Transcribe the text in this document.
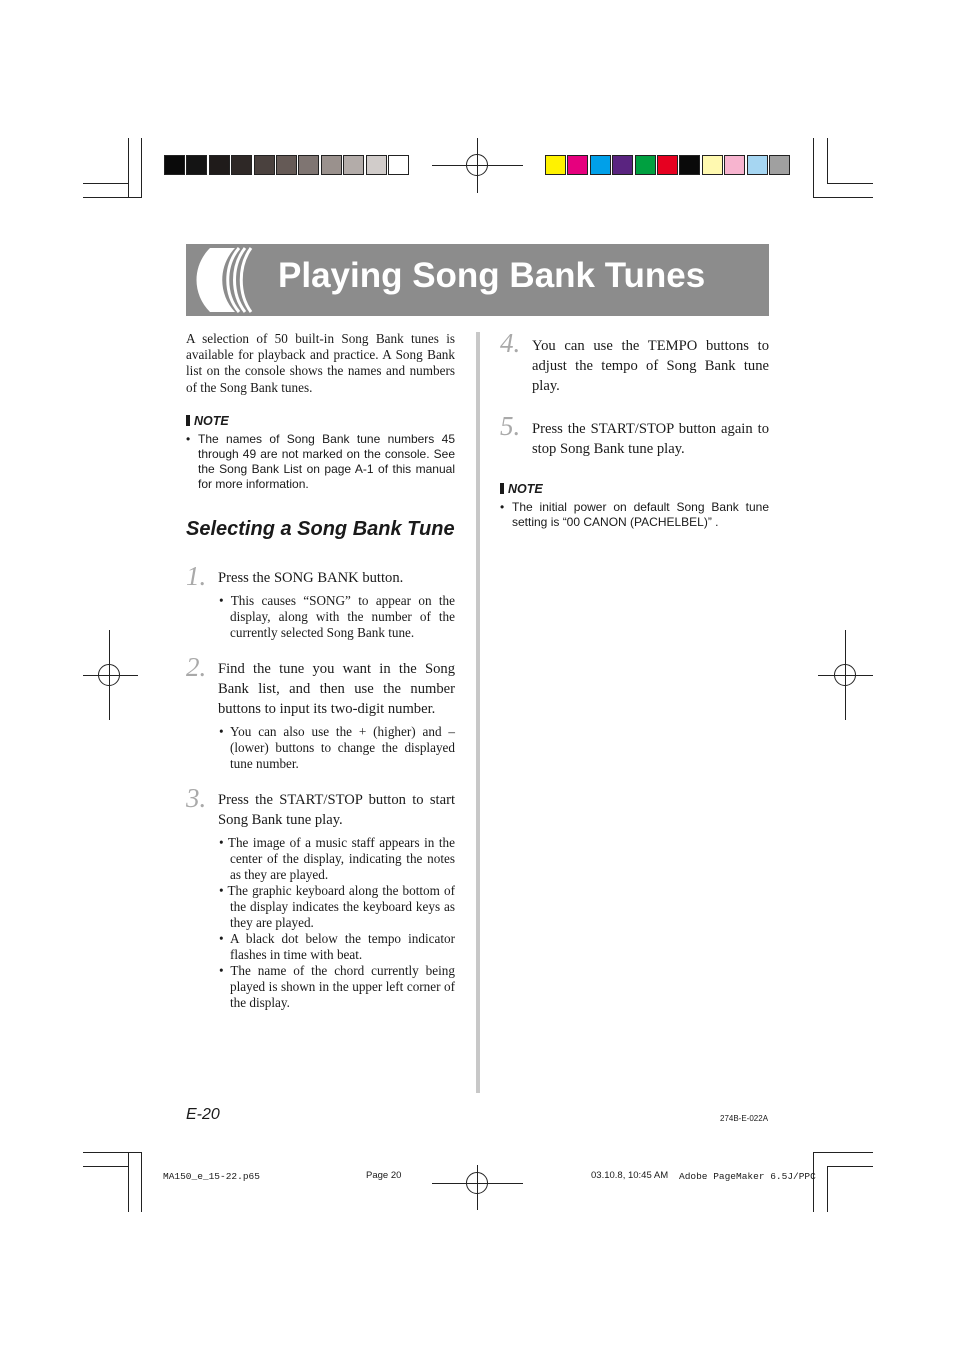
Playing Song Bank Tunes
A selection of 50 built-in Song Bank tunes is available for playback and practice. A Song Bank list on the console shows the names and numbers of the Song Bank tunes.
NOTE
• The names of Song Bank tune numbers 45 through 49 are not marked on the console. See the Song Bank List on page A-1 of this manual for more information.
Selecting a Song Bank Tune
1. Press the SONG BANK button.

• This causes “SONG” to appear on the display, along with the number of the currently selected Song Bank tune.

2. Find the tune you want in the Song Bank list, and then use the number buttons to input its two-digit number.

• You can also use the + (higher) and – (lower) buttons to change the displayed tune number.

3. Press the START/STOP button to start Song Bank tune play.

• The image of a music staff appears in the center of the display, indicating the notes as they are played.

• The graphic keyboard along the bottom of the display indicates the keyboard keys as they are played.

• A black dot below the tempo indicator flashes in time with beat.

• The name of the chord currently being played is shown in the upper left corner of the display.

4. You can use the TEMPO buttons to adjust the tempo of Song Bank tune play.
5. Press the START/STOP button again to stop Song Bank tune play.
NOTE
• The initial power on default Song Bank tune setting is “00 CANON (PACHELBEL)” .
E-20	274B-E-022A
MA150_e_15-22.p65	Page 20	03.10.8, 10:45 AM Adobe PageMaker 6.5J/PPC
